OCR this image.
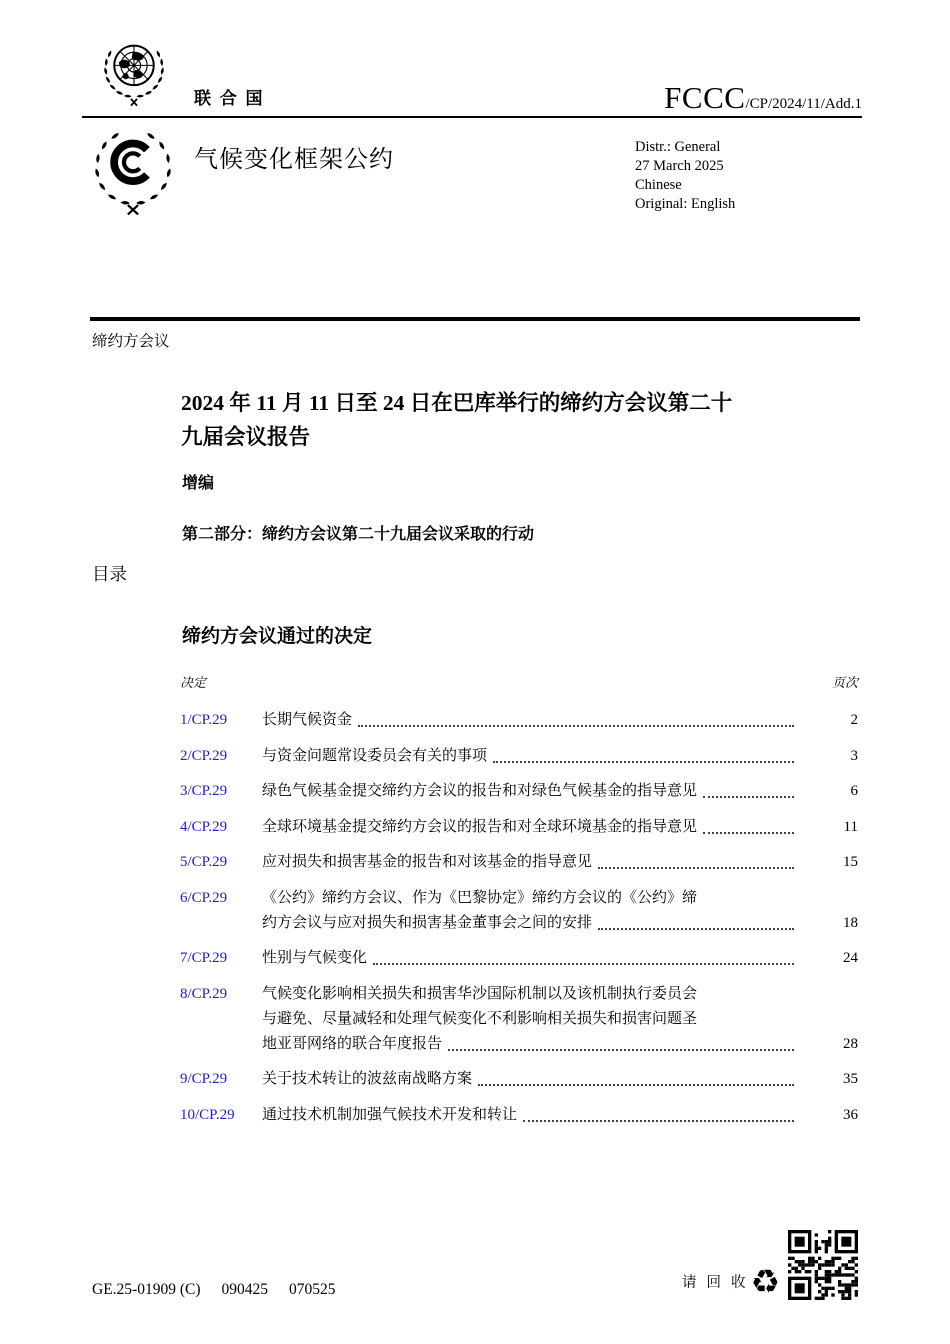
联 合 国	FCCC/CP/2024/11/Add.1
气候变化框架公约	Distr.: General
27 March 2025
Chinese
Original: English
缔约方会议
2024 年 11 月 11 日至 24 日在巴库举行的缔约方会议第二十
九届会议报告
增编
第二部分：缔约方会议第二十九届会议采取的行动
目录
缔约方会议通过的决定
决定	页次
1/CP.29	长期气候资金	2
2/CP.29	与资金问题常设委员会有关的事项	3
3/CP.29	绿色气候基金提交缔约方会议的报告和对绿色气候基金的指导意见	6
4/CP.29	全球环境基金提交缔约方会议的报告和对全球环境基金的指导意见	11
5/CP.29	应对损失和损害基金的报告和对该基金的指导意见	15
6/CP.29	《公约》缔约方会议、作为《巴黎协定》缔约方会议的《公约》缔
约方会议与应对损失和损害基金董事会之间的安排	18
7/CP.29	性别与气候变化	24
8/CP.29	气候变化影响相关损失和损害华沙国际机制以及该机制执行委员会
与避免、尽量减轻和处理气候变化不利影响相关损失和损害问题圣
地亚哥网络的联合年度报告	28
9/CP.29	关于技术转让的波兹南战略方案	35
10/CP.29	通过技术机制加强气候技术开发和转让	36
GE.25-01909 (C) 090425 070525	请 回 收 ♻
